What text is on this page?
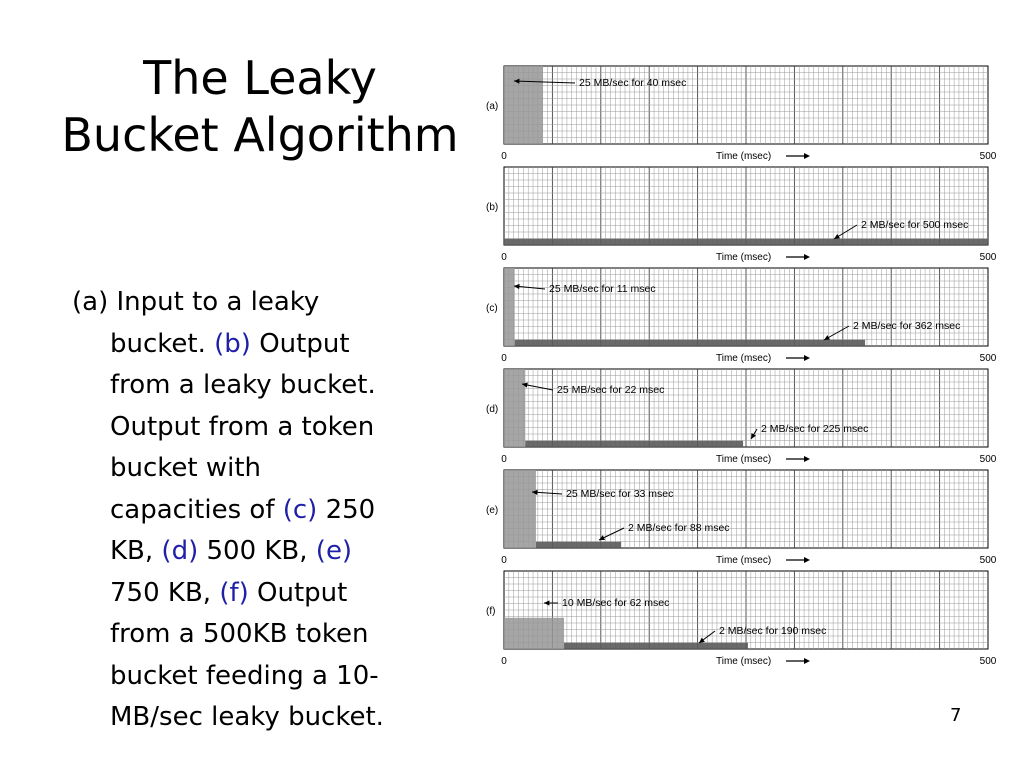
The Leaky Bucket Algorithm
(a) Input to a leaky
bucket. (b) Output
from a leaky bucket.
Output from a token
bucket with
capacities of (c) 250
KB, (d) 500 KB, (e)
750 KB, (f) Output
from a 500KB token
bucket feeding a 10-
MB/sec leaky bucket.
25 MB/sec for 40 msec
(a)
0	500
Time (msec)
2 MB/sec for 500 msec
(b)
0	500
Time (msec)
25 MB/sec for 11 msec
2 MB/sec for 362 msec
(c)
0	500
Time (msec)
25 MB/sec for 22 msec
2 MB/sec for 225 msec
(d)
0	500
Time (msec)
25 MB/sec for 33 msec
2 MB/sec for 88 msec
(e)
0	500
Time (msec)
10 MB/sec for 62 msec
2 MB/sec for 190 msec
(f)
0	500
Time (msec)
7
